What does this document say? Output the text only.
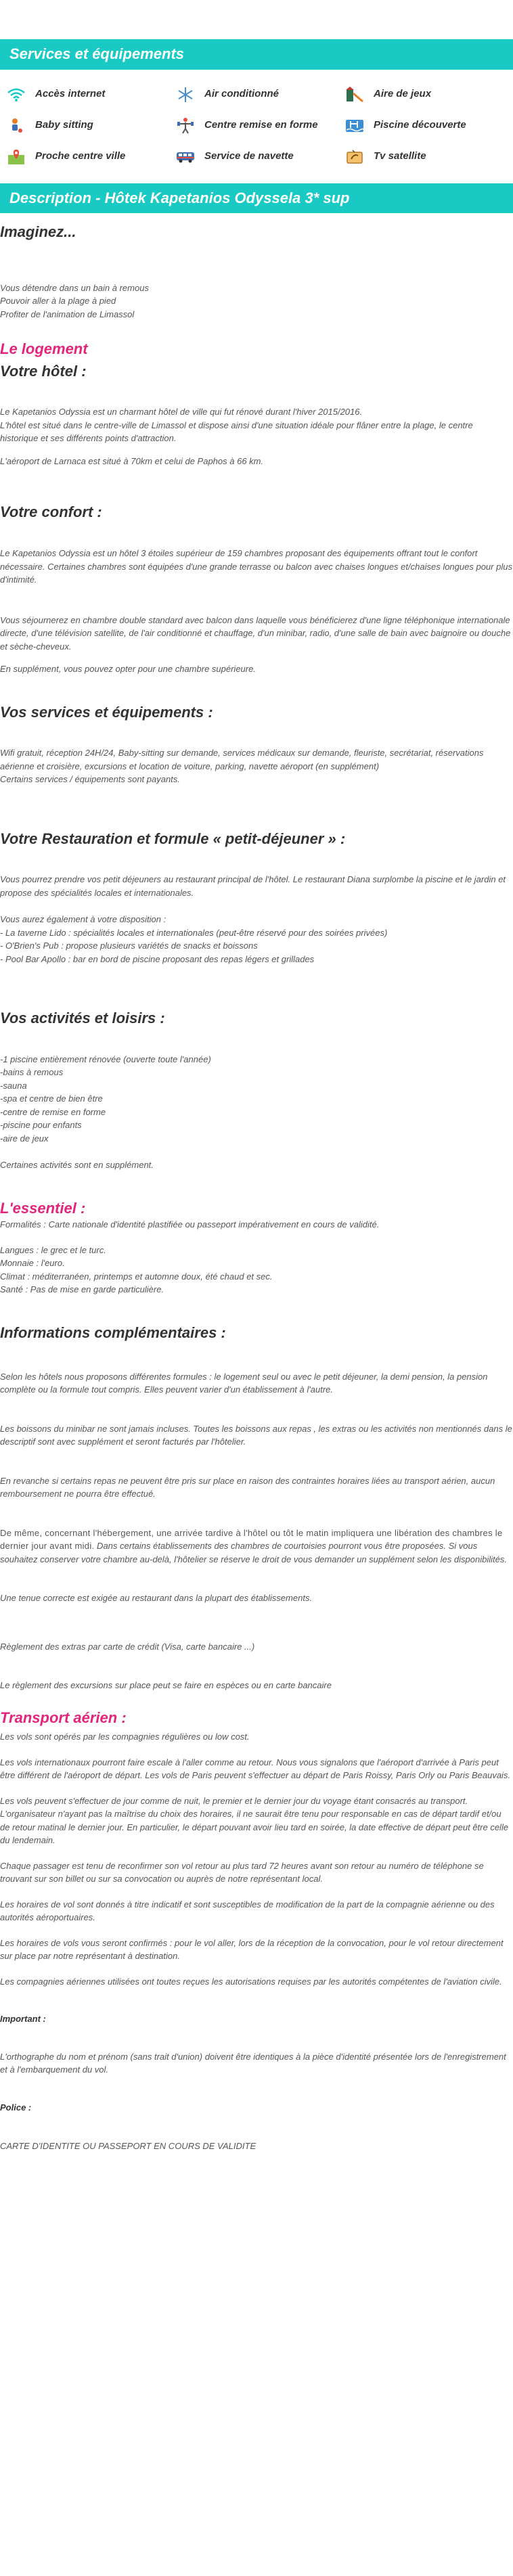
Services et équipements
Accès internet	Air conditionné	Aire de jeux
Baby sitting	Centre remise en forme	Piscine découverte
Proche centre ville	Service de navette	Tv satellite
Description - Hôtek Kapetanios Odyssela 3* sup
Imaginez...

Vous détendre dans un bain à remous

Pouvoir aller à la plage à pied

Profiter de l'animation de Limassol

Le logement
Votre hôtel :

Le Kapetanios Odyssia est un charmant hôtel de ville qui fut rénové durant l'hiver 2015/2016.

L'hôtel est situé dans le centre-ville de Limassol et dispose ainsi d'une situation idéale pour flâner entre la plage, le centre historique et ses différents points d'attraction.

L'aéroport de Larnaca est situé à 70km et celui de Paphos à 66 km.

Votre confort :

Le Kapetanios Odyssia est un hôtel 3 étoiles supérieur de 159 chambres proposant des équipements offrant tout le confort nécessaire. Certaines chambres sont équipées d'une grande terrasse ou balcon avec chaises longues et/chaises longues pour plus d'intimité.

Vous séjournerez en chambre double standard avec balcon dans laquelle vous bénéficierez d'une ligne téléphonique internationale directe, d'une télévision satellite, de l'air conditionné et chauffage, d'un minibar, radio, d'une salle de bain avec baignoire ou douche et sèche-cheveux.

En supplément, vous pouvez opter pour une chambre supérieure.

Vos services et équipements :

Wifi gratuit, réception 24H/24, Baby-sitting sur demande, services médicaux sur demande, fleuriste, secrétariat, réservations aérienne et croisière, excursions et location de voiture, parking, navette aéroport (en supplément)

Certains services / équipements sont payants.

Votre Restauration et formule « petit-déjeuner » :

Vous pourrez prendre vos petit déjeuners au restaurant principal de l'hôtel. Le restaurant Diana surplombe la piscine et le jardin et propose des spécialités locales et internationales.

Vous aurez également à votre disposition :

- La taverne Lido : spécialités locales et internationales (peut-être réservé pour des soirées privées)
- O'Brien's Pub : propose plusieurs variétés de snacks et boissons
- Pool Bar Apollo : bar en bord de piscine proposant des repas légers et grillades
Vos activités et loisirs :
-1 piscine entièrement rénovée (ouverte toute l'année)
-bains à remous
-sauna
-spa et centre de bien être
-centre de remise en forme
-piscine pour enfants
-aire de jeux

Certaines activités sont en supplément.

L'essentiel :

Formalités : Carte nationale d'identité plastifiée ou passeport impérativement en cours de validité.

Langues : le grec et le turc.

Monnaie : l'euro.

Climat : méditerranéen, printemps et automne doux, été chaud et sec.

Santé : Pas de mise en garde particulière.

Informations complémentaires :

Selon les hôtels nous proposons différentes formules : le logement seul ou avec le petit déjeuner, la demi pension, la pension complète ou la formule tout compris. Elles peuvent varier d'un établissement à l'autre.

Les boissons du minibar ne sont jamais incluses. Toutes les boissons aux repas , les extras ou les activités non mentionnés dans le descriptif sont avec supplément et seront facturés par l'hôtelier.

En revanche si certains repas ne peuvent être pris sur place en raison des contraintes horaires liées au transport aérien, aucun remboursement ne pourra être effectué.

De même, concernant l'hébergement, une arrivée tardive à l'hôtel ou tôt le matin impliquera une libération des chambres le dernier jour avant midi. Dans certains établissements des chambres de courtoisies pourront vous être proposées. Si vous souhaitez conserver votre chambre au-delà, l'hôtelier se réserve le droit de vous demander un supplément selon les disponibilités.

Une tenue correcte est exigée au restaurant dans la plupart des établissements.

Règlement des extras par carte de crédit (Visa, carte bancaire ...)

Le règlement des excursions sur place peut se faire en espèces ou en carte bancaire

Transport aérien :

Les vols sont opérés par les compagnies régulières ou low cost.

Les vols internationaux pourront faire escale à l'aller comme au retour. Nous vous signalons que l'aéroport d'arrivée à Paris peut être différent de l'aéroport de départ. Les vols de Paris peuvent s'effectuer au départ de Paris Roissy, Paris Orly ou Paris Beauvais.

Les vols peuvent s'effectuer de jour comme de nuit, le premier et le dernier jour du voyage étant consacrés au transport. L'organisateur n'ayant pas la maîtrise du choix des horaires, il ne saurait être tenu pour responsable en cas de départ tardif et/ou de retour matinal le dernier jour. En particulier, le départ pouvant avoir lieu tard en soirée, la date effective de départ peut être celle du lendemain.

Chaque passager est tenu de reconfirmer son vol retour au plus tard 72 heures avant son retour au numéro de téléphone se trouvant sur son billet ou sur sa convocation ou auprès de notre représentant local.

Les horaires de vol sont donnés à titre indicatif et sont susceptibles de modification de la part de la compagnie aérienne ou des autorités aéroportuaires.

Les horaires de vols vous seront confirmés : pour le vol aller, lors de la réception de la convocation, pour le vol retour directement sur place par notre représentant à destination.

Les compagnies aériennes utilisées ont toutes reçues les autorisations requises par les autorités compétentes de l'aviation civile.

Important :

L'orthographe du nom et prénom (sans trait d'union) doivent être identiques à la pièce d'identité présentée lors de l'enregistrement et à l'embarquement du vol.

Police :

CARTE D'IDENTITE OU PASSEPORT EN COURS DE VALIDITE
